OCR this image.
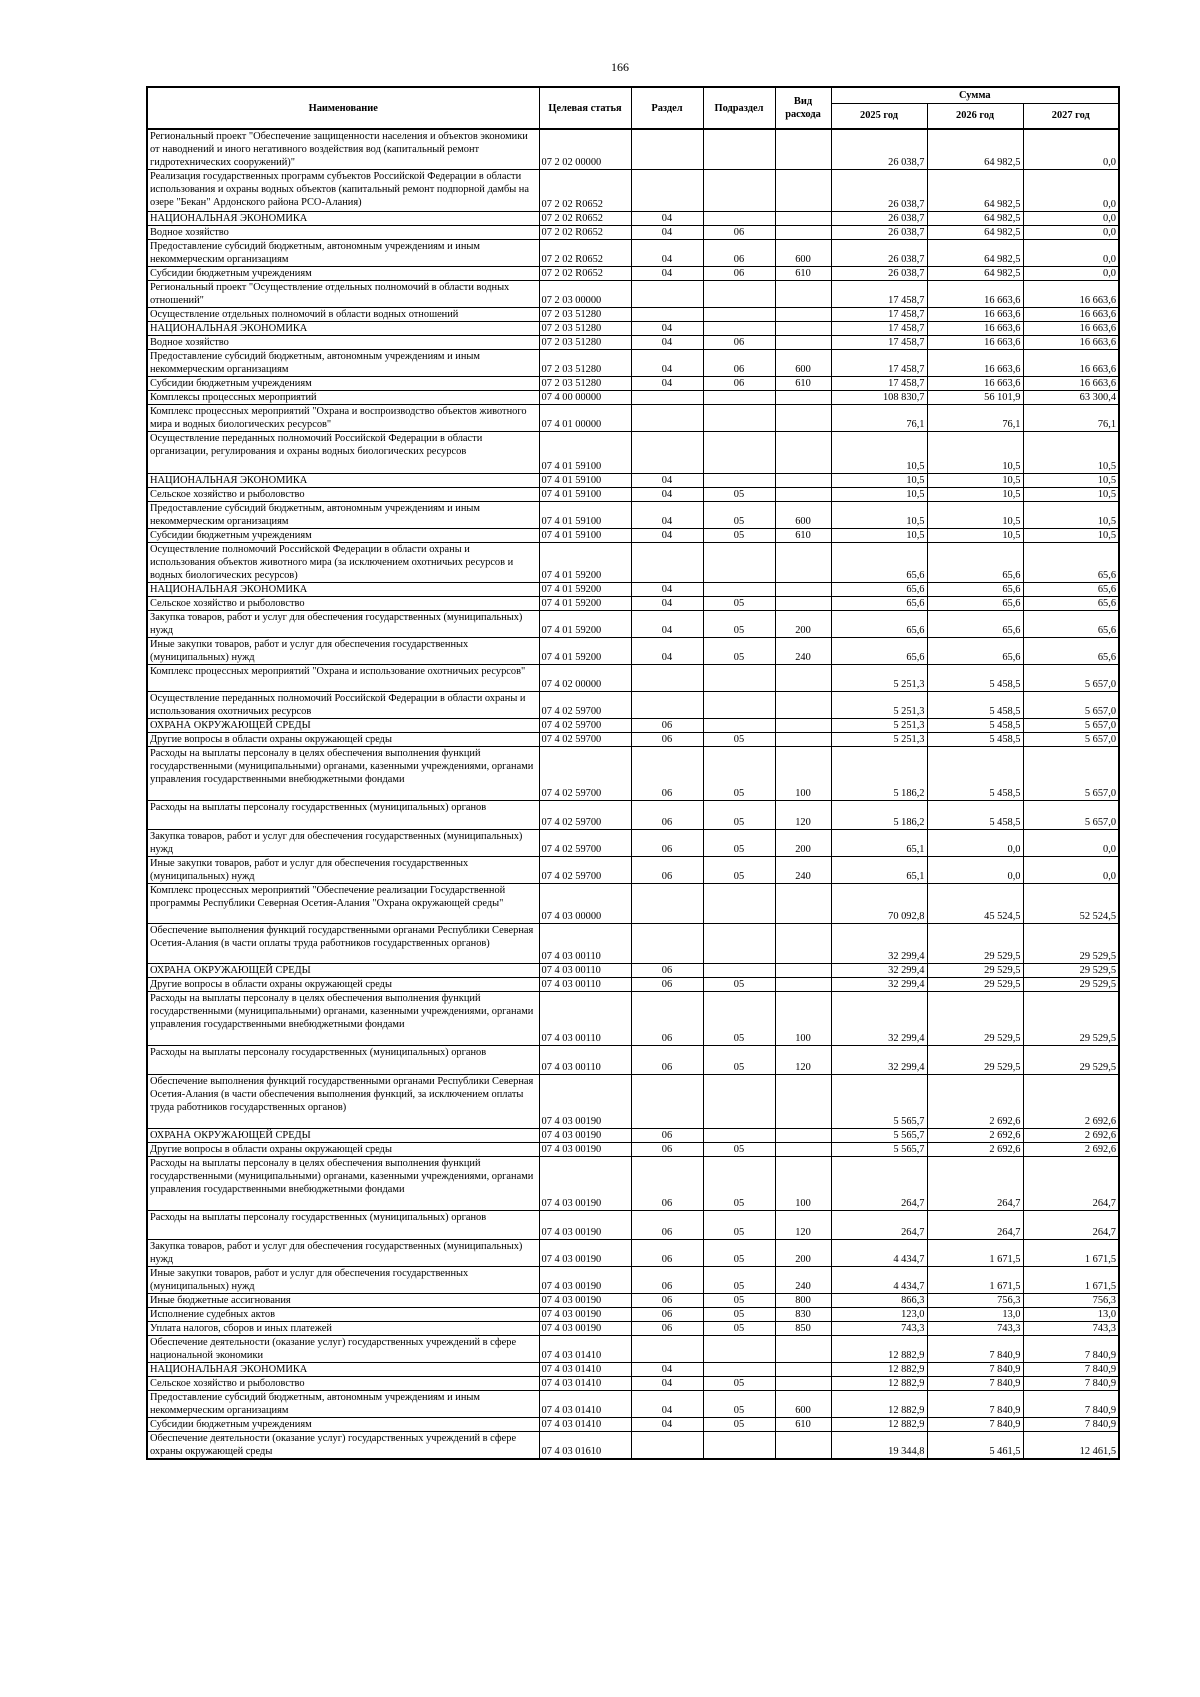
166
Наименование	Целевая статья	Раздел	Подраздел	Вид расхода	Сумма		
					2025 год	2026 год	2027 год
Региональный проект "Обеспечение защищенности населения и объектов экономики от наводнений и иного негативного воздействия вод (капитальный ремонт гидротехнических сооружений)"	07 2 02 00000				26 038,7	64 982,5	0,0
Реализация государственных программ субъектов Российской Федерации в области использования и охраны водных объектов (капитальный ремонт подпорной дамбы на озере "Бекан" Ардонского района РСО-Алания)	07 2 02 R0652				26 038,7	64 982,5	0,0
НАЦИОНАЛЬНАЯ ЭКОНОМИКА	07 2 02 R0652	04			26 038,7	64 982,5	0,0
Водное хозяйство	07 2 02 R0652	04	06		26 038,7	64 982,5	0,0
Предоставление субсидий бюджетным, автономным учреждениям и иным некоммерческим организациям	07 2 02 R0652	04	06	600	26 038,7	64 982,5	0,0
Субсидии бюджетным учреждениям	07 2 02 R0652	04	06	610	26 038,7	64 982,5	0,0
Региональный проект "Осуществление отдельных полномочий в области водных отношений"	07 2 03 00000				17 458,7	16 663,6	16 663,6
Осуществление отдельных полномочий в области водных отношений	07 2 03 51280				17 458,7	16 663,6	16 663,6
НАЦИОНАЛЬНАЯ ЭКОНОМИКА	07 2 03 51280	04			17 458,7	16 663,6	16 663,6
Водное хозяйство	07 2 03 51280	04	06		17 458,7	16 663,6	16 663,6
Предоставление субсидий бюджетным, автономным учреждениям и иным некоммерческим организациям	07 2 03 51280	04	06	600	17 458,7	16 663,6	16 663,6
Субсидии бюджетным учреждениям	07 2 03 51280	04	06	610	17 458,7	16 663,6	16 663,6
Комплексы процессных мероприятий	07 4 00 00000				108 830,7	56 101,9	63 300,4
Комплекс процессных мероприятий "Охрана и воспроизводство объектов животного мира и водных биологических ресурсов"	07 4 01 00000				76,1	76,1	76,1
Осуществление переданных полномочий Российской Федерации в области организации, регулирования и охраны водных биологических ресурсов	07 4 01 59100				10,5	10,5	10,5
НАЦИОНАЛЬНАЯ ЭКОНОМИКА	07 4 01 59100	04			10,5	10,5	10,5
Сельское хозяйство и рыболовство	07 4 01 59100	04	05		10,5	10,5	10,5
Предоставление субсидий бюджетным, автономным учреждениям и иным некоммерческим организациям	07 4 01 59100	04	05	600	10,5	10,5	10,5
Субсидии бюджетным учреждениям	07 4 01 59100	04	05	610	10,5	10,5	10,5
Осуществление полномочий Российской Федерации в области охраны и использования объектов животного мира (за исключением охотничьих ресурсов и водных биологических ресурсов)	07 4 01 59200				65,6	65,6	65,6
НАЦИОНАЛЬНАЯ ЭКОНОМИКА	07 4 01 59200	04			65,6	65,6	65,6
Сельское хозяйство и рыболовство	07 4 01 59200	04	05		65,6	65,6	65,6
Закупка товаров, работ и услуг для обеспечения государственных (муниципальных) нужд	07 4 01 59200	04	05	200	65,6	65,6	65,6
Иные закупки товаров, работ и услуг для обеспечения государственных (муниципальных) нужд	07 4 01 59200	04	05	240	65,6	65,6	65,6
Комплекс процессных мероприятий "Охрана и использование охотничьих ресурсов"	07 4 02 00000				5 251,3	5 458,5	5 657,0
Осуществление переданных полномочий Российской Федерации в области охраны и использования охотничьих ресурсов	07 4 02 59700				5 251,3	5 458,5	5 657,0
ОХРАНА ОКРУЖАЮЩЕЙ СРЕДЫ	07 4 02 59700	06			5 251,3	5 458,5	5 657,0
Другие вопросы в области охраны окружающей среды	07 4 02 59700	06	05		5 251,3	5 458,5	5 657,0
Расходы на выплаты персоналу в целях обеспечения выполнения функций государственными (муниципальными) органами, казенными учреждениями, органами управления государственными внебюджетными фондами	07 4 02 59700	06	05	100	5 186,2	5 458,5	5 657,0
Расходы на выплаты персоналу государственных (муниципальных) органов	07 4 02 59700	06	05	120	5 186,2	5 458,5	5 657,0
Закупка товаров, работ и услуг для обеспечения государственных (муниципальных) нужд	07 4 02 59700	06	05	200	65,1	0,0	0,0
Иные закупки товаров, работ и услуг для обеспечения государственных (муниципальных) нужд	07 4 02 59700	06	05	240	65,1	0,0	0,0
Комплекс процессных мероприятий "Обеспечение реализации Государственной программы Республики Северная Осетия-Алания "Охрана окружающей среды"	07 4 03 00000				70 092,8	45 524,5	52 524,5
Обеспечение выполнения функций государственными органами Республики Северная Осетия-Алания (в части оплаты труда работников государственных органов)	07 4 03 00110				32 299,4	29 529,5	29 529,5
ОХРАНА ОКРУЖАЮЩЕЙ СРЕДЫ	07 4 03 00110	06			32 299,4	29 529,5	29 529,5
Другие вопросы в области охраны окружающей среды	07 4 03 00110	06	05		32 299,4	29 529,5	29 529,5
Расходы на выплаты персоналу в целях обеспечения выполнения функций государственными (муниципальными) органами, казенными учреждениями, органами управления государственными внебюджетными фондами	07 4 03 00110	06	05	100	32 299,4	29 529,5	29 529,5
Расходы на выплаты персоналу государственных (муниципальных) органов	07 4 03 00110	06	05	120	32 299,4	29 529,5	29 529,5
Обеспечение выполнения функций государственными органами Республики Северная Осетия-Алания (в части обеспечения выполнения функций, за исключением оплаты труда работников государственных органов)	07 4 03 00190				5 565,7	2 692,6	2 692,6
ОХРАНА ОКРУЖАЮЩЕЙ СРЕДЫ	07 4 03 00190	06			5 565,7	2 692,6	2 692,6
Другие вопросы в области охраны окружающей среды	07 4 03 00190	06	05		5 565,7	2 692,6	2 692,6
Расходы на выплаты персоналу в целях обеспечения выполнения функций государственными (муниципальными) органами, казенными учреждениями, органами управления государственными внебюджетными фондами	07 4 03 00190	06	05	100	264,7	264,7	264,7
Расходы на выплаты персоналу государственных (муниципальных) органов	07 4 03 00190	06	05	120	264,7	264,7	264,7
Закупка товаров, работ и услуг для обеспечения государственных (муниципальных) нужд	07 4 03 00190	06	05	200	4 434,7	1 671,5	1 671,5
Иные закупки товаров, работ и услуг для обеспечения государственных (муниципальных) нужд	07 4 03 00190	06	05	240	4 434,7	1 671,5	1 671,5
Иные бюджетные ассигнования	07 4 03 00190	06	05	800	866,3	756,3	756,3
Исполнение судебных актов	07 4 03 00190	06	05	830	123,0	13,0	13,0
Уплата налогов, сборов и иных платежей	07 4 03 00190	06	05	850	743,3	743,3	743,3
Обеспечение деятельности (оказание услуг) государственных учреждений в сфере национальной экономики	07 4 03 01410				12 882,9	7 840,9	7 840,9
НАЦИОНАЛЬНАЯ ЭКОНОМИКА	07 4 03 01410	04			12 882,9	7 840,9	7 840,9
Сельское хозяйство и рыболовство	07 4 03 01410	04	05		12 882,9	7 840,9	7 840,9
Предоставление субсидий бюджетным, автономным учреждениям и иным некоммерческим организациям	07 4 03 01410	04	05	600	12 882,9	7 840,9	7 840,9
Субсидии бюджетным учреждениям	07 4 03 01410	04	05	610	12 882,9	7 840,9	7 840,9
Обеспечение деятельности (оказание услуг) государственных учреждений в сфере охраны окружающей среды	07 4 03 01610				19 344,8	5 461,5	12 461,5
